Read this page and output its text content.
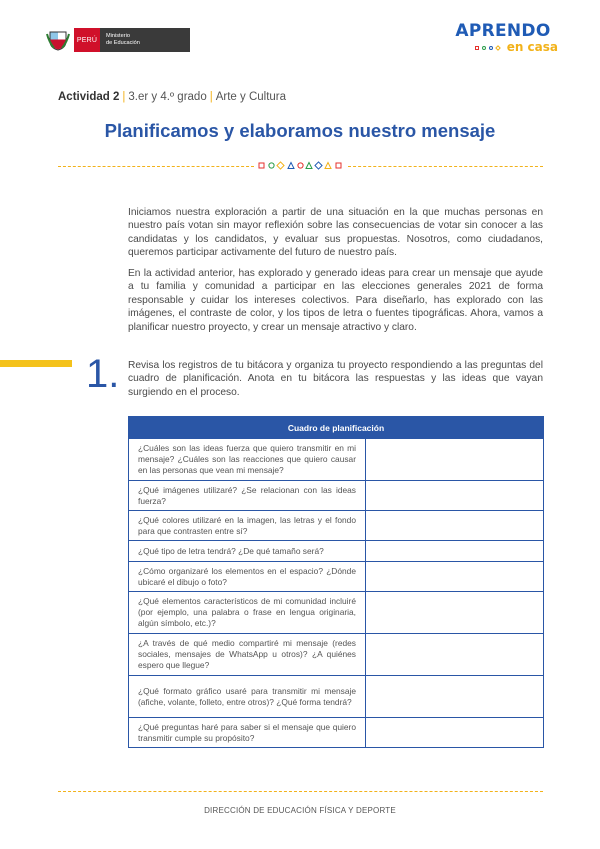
PERÚ
Ministerio
de Educación
APRENDO
en casa
Actividad 2 | 3.er y 4.º grado | Arte y Cultura
Planificamos y elaboramos nuestro mensaje
Iniciamos nuestra exploración a partir de una situación en la que muchas personas en nuestro país votan sin mayor reflexión sobre las consecuencias de votar sin conocer a las candidatas y los candidatos, y evaluar sus propuestas. Nosotros, como ciudadanos, queremos participar activamente del futuro de nuestro país.
En la actividad anterior, has explorado y generado ideas para crear un mensaje que ayude a tu familia y comunidad a participar en las elecciones generales 2021 de forma responsable y cuidar los intereses colectivos. Para diseñarlo, has explorado con las imágenes, el contraste de color, y los tipos de letra o fuentes tipográficas. Ahora, vamos a planificar nuestro proyecto, y crear un mensaje atractivo y claro.
1. Revisa los registros de tu bitácora y organiza tu proyecto respondiendo a las preguntas del cuadro de planificación. Anota en tu bitácora las respuestas y las ideas que vayan surgiendo en el proceso.
Cuadro de planificación	
¿Cuáles son las ideas fuerza que quiero transmitir en mi mensaje? ¿Cuáles son las reacciones que quiero causar en las personas que vean mi mensaje?	
¿Qué imágenes utilizaré? ¿Se relacionan con las ideas fuerza?	
¿Qué colores utilizaré en la imagen, las letras y el fondo para que contrasten entre sí?	
¿Qué tipo de letra tendrá? ¿De qué tamaño será?	
¿Cómo organizaré los elementos en el espacio? ¿Dónde ubicaré el dibujo o foto?	
¿Qué elementos característicos de mi comunidad incluiré (por ejemplo, una palabra o frase en lengua originaria, algún símbolo, etc.)?	
¿A través de qué medio compartiré mi mensaje (redes sociales, mensajes de WhatsApp u otros)? ¿A quiénes espero que llegue?	
¿Qué formato gráfico usaré para transmitir mi mensaje (afiche, volante, folleto, entre otros)? ¿Qué forma tendrá?	
¿Qué preguntas haré para saber si el mensaje que quiero transmitir cumple su propósito?	
DIRECCIÓN DE EDUCACIÓN FÍSICA Y DEPORTE
